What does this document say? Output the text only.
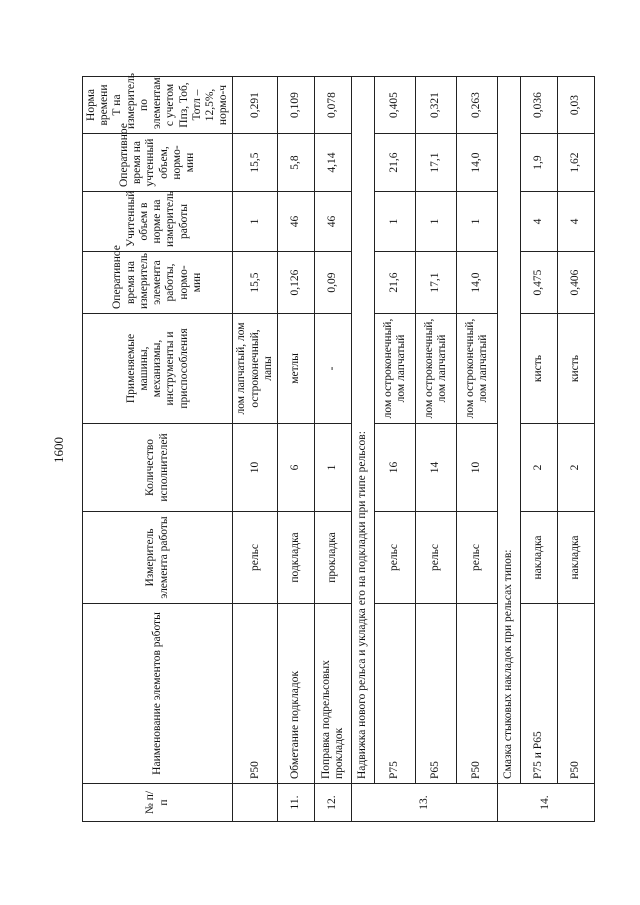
1600
№ п/п	Наименование элементов работы	Измеритель элемента работы	Количество исполнителей	Применяемые машины, механизмы, инструменты и приспособления	Оперативное время на измеритель элемента работы, нормо-мин	Учитенный объем в норме на измеритель работы	Оперативное время на учтенный объем, нормо-мин	Норма времени Т на измеритель по элементам с учетом Ппз, Тоб, Тотл – 12,5%, нормо-ч
	Р50	рельс	10	лом лапчатый, лом остроконечный, лапы	15,5	1	15,5	0,291
11.	Обметание подкладок	подкладка	6	метлы	0,126	46	5,8	0,109
12.	Поправка подрельсовых прокладок	прокладка	1	-	0,09	46	4,14	0,078
13.	Надвижка нового рельса и укладка его на подкладки при типе рельсов:							
	Р75	рельс	16	лом остроконечный, лом лапчатый	21,6	1	21,6	0,405
	Р65	рельс	14	лом остроконечный, лом лапчатый	17,1	1	17,1	0,321
	Р50	рельс	10	лом остроконечный, лом лапчатый	14,0	1	14,0	0,263
14.	Смазка стыковых накладок при рельсах типов:							
	Р75 и Р65	накладка	2	кисть	0,475	4	1,9	0,036
	Р50	накладка	2	кисть	0,406	4	1,62	0,03
